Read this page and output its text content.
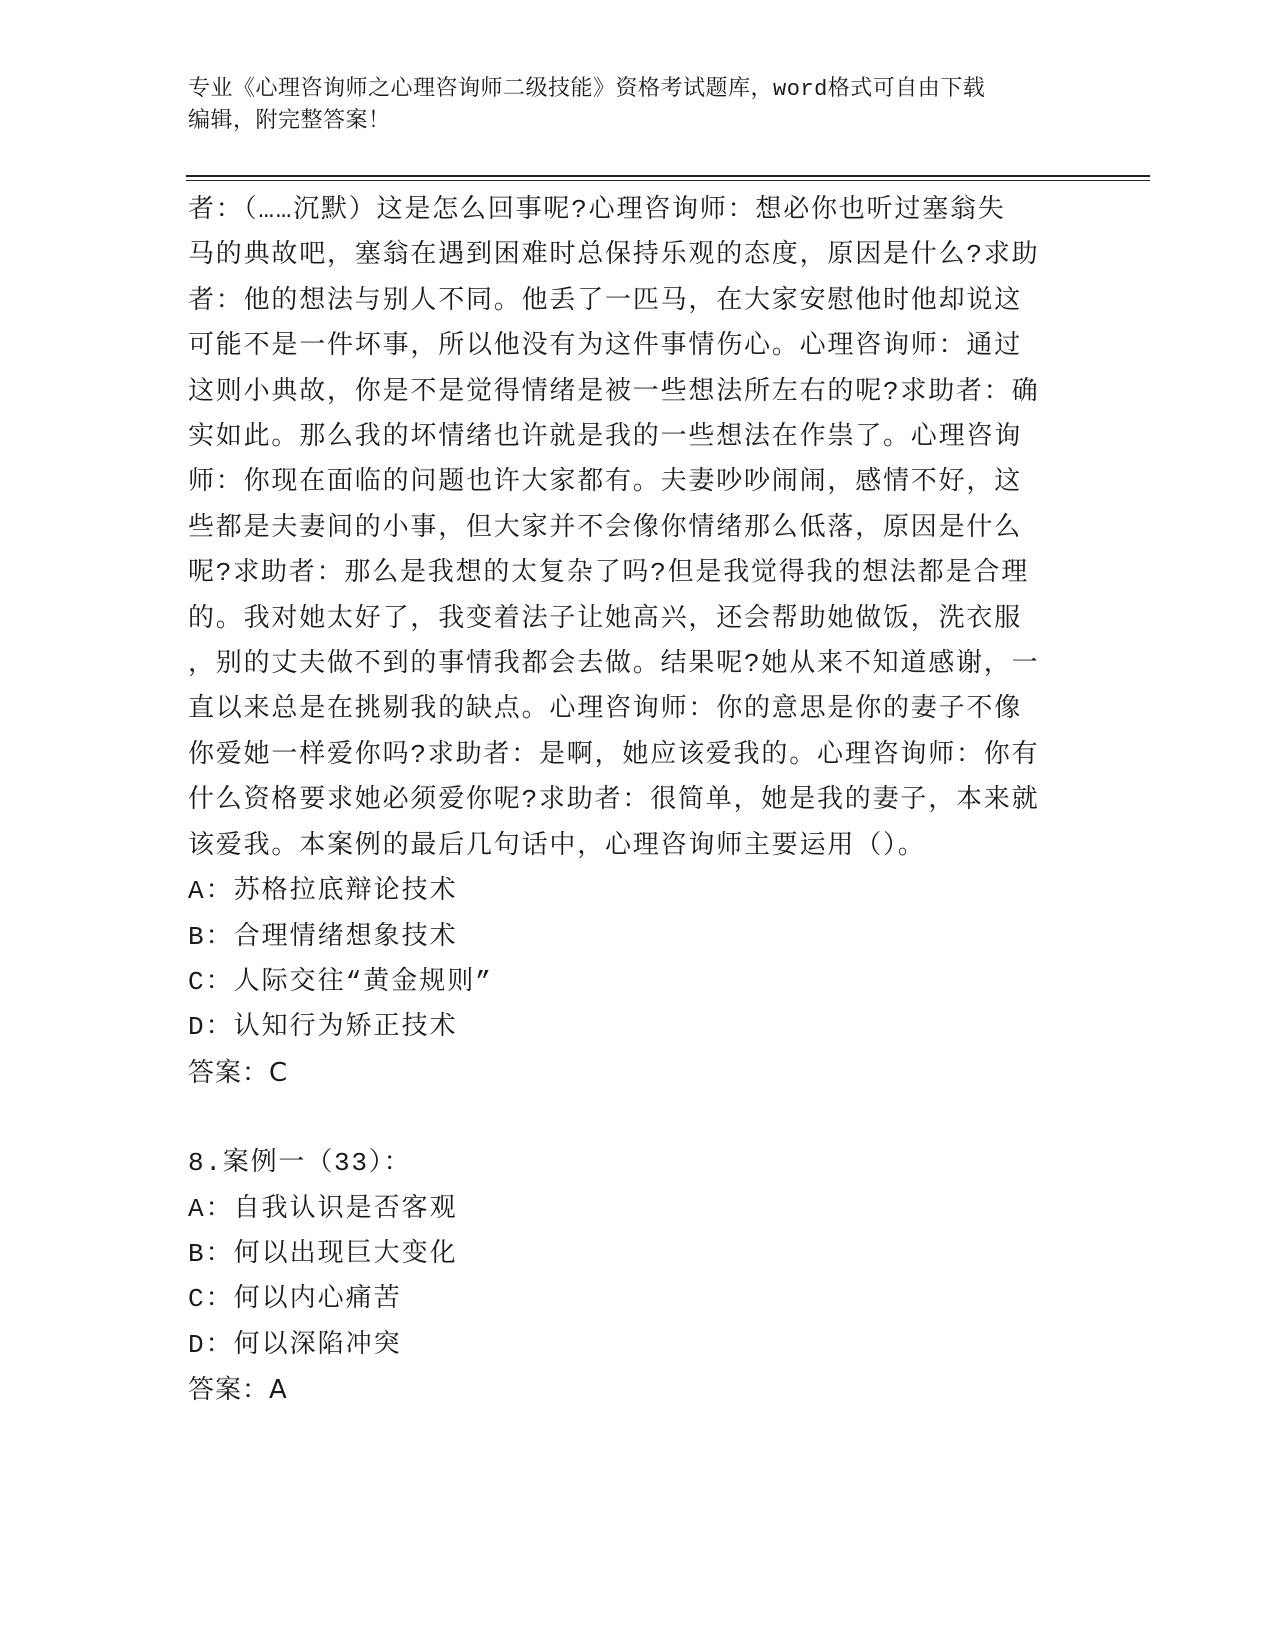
专业《心理咨询师之心理咨询师二级技能》资格考试题库，word格式可自由下载
编辑，附完整答案！

者：（……沉默）这是怎么回事呢?心理咨询师：想必你也听过塞翁失

马的典故吧，塞翁在遇到困难时总保持乐观的态度，原因是什么?求助

者：他的想法与别人不同。他丢了一匹马，在大家安慰他时他却说这

可能不是一件坏事，所以他没有为这件事情伤心。心理咨询师：通过

这则小典故，你是不是觉得情绪是被一些想法所左右的呢?求助者：确

实如此。那么我的坏情绪也许就是我的一些想法在作祟了。心理咨询

师：你现在面临的问题也许大家都有。夫妻吵吵闹闹，感情不好，这

些都是夫妻间的小事，但大家并不会像你情绪那么低落，原因是什么

呢?求助者：那么是我想的太复杂了吗?但是我觉得我的想法都是合理

的。我对她太好了，我变着法子让她高兴，还会帮助她做饭，洗衣服

，别的丈夫做不到的事情我都会去做。结果呢?她从来不知道感谢，一

直以来总是在挑剔我的缺点。心理咨询师：你的意思是你的妻子不像

你爱她一样爱你吗?求助者：是啊，她应该爱我的。心理咨询师：你有

什么资格要求她必须爱你呢?求助者：很简单，她是我的妻子，本来就

该爱我。本案例的最后几句话中，心理咨询师主要运用（）。

A：苏格拉底辩论技术

B：合理情绪想象技术

C：人际交往“黄金规则”

D：认知行为矫正技术

答案：C

8.案例一（33）：

A：自我认识是否客观

B：何以出现巨大变化

C：何以内心痛苦

D：何以深陷冲突

答案：A
